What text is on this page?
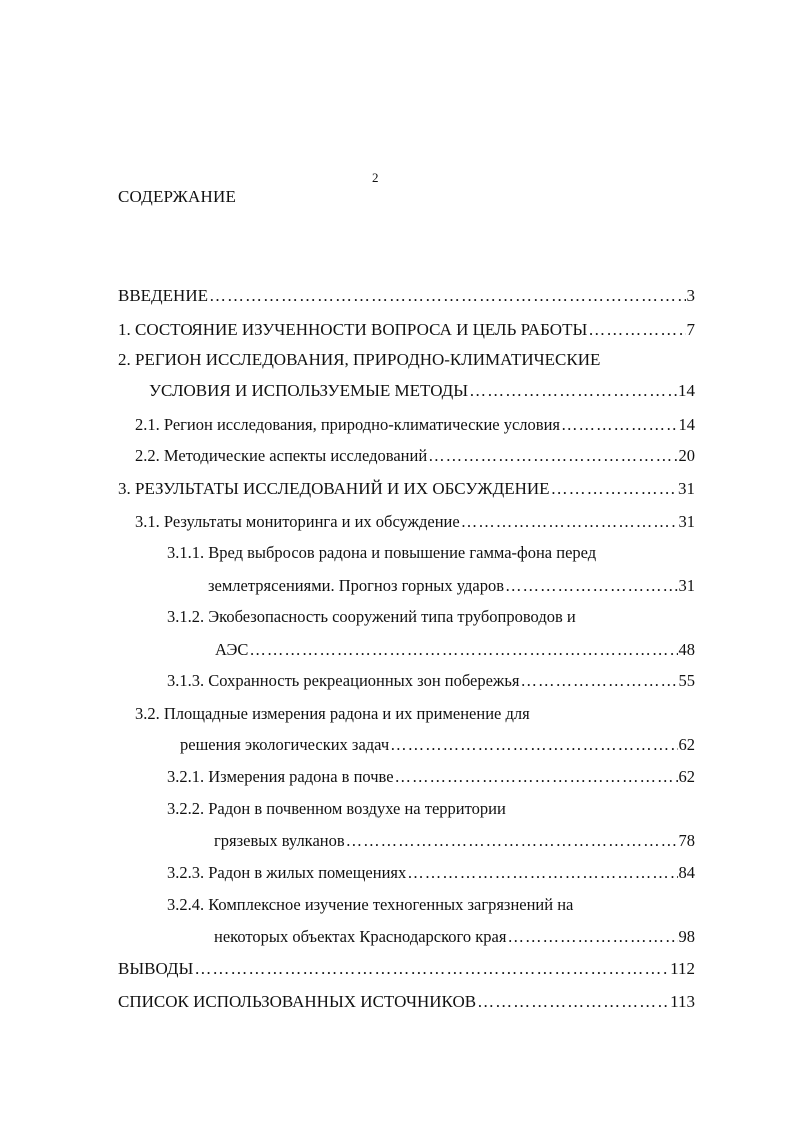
2
СОДЕРЖАНИЕ
ВВЕДЕНИЕ ……………………………………………………………………………………………………………………………………………………	3
1. СОСТОЯНИЕ ИЗУЧЕННОСТИ ВОПРОСА И ЦЕЛЬ РАБОТЫ ……………………………………………………………………………………………………………………………………………………	7
2. РЕГИОН ИССЛЕДОВАНИЯ, ПРИРОДНО-КЛИМАТИЧЕСКИЕ
УСЛОВИЯ И ИСПОЛЬЗУЕМЫЕ МЕТОДЫ ……………………………………………………………………………………………………………………………………………………	14
2.1. Регион исследования, природно-климатические условия ……………………………………………………………………………………………………………………………………………………	14
2.2. Методические аспекты исследований ……………………………………………………………………………………………………………………………………………………	20
3. РЕЗУЛЬТАТЫ ИССЛЕДОВАНИЙ И ИХ ОБСУЖДЕНИЕ ……………………………………………………………………………………………………………………………………………………	31
3.1. Результаты мониторинга и их обсуждение ……………………………………………………………………………………………………………………………………………………	31
3.1.1. Вред выбросов радона и повышение гамма-фона перед
землетрясениями. Прогноз горных ударов ……………………………………………………………………………………………………………………………………………………	31
3.1.2. Экобезопасность сооружений типа трубопроводов и
АЭС ……………………………………………………………………………………………………………………………………………………	48
3.1.3. Сохранность рекреационных зон побережья ……………………………………………………………………………………………………………………………………………………	55
3.2. Площадные измерения радона и их применение для
решения экологических задач ……………………………………………………………………………………………………………………………………………………	62
3.2.1. Измерения радона в почве ……………………………………………………………………………………………………………………………………………………	62
3.2.2. Радон в почвенном воздухе на территории
грязевых вулканов ……………………………………………………………………………………………………………………………………………………	78
3.2.3. Радон в жилых помещениях ……………………………………………………………………………………………………………………………………………………	84
3.2.4. Комплексное изучение техногенных загрязнений на
некоторых объектах Краснодарского края ……………………………………………………………………………………………………………………………………………………	98
ВЫВОДЫ ……………………………………………………………………………………………………………………………………………………	112
СПИСОК ИСПОЛЬЗОВАННЫХ ИСТОЧНИКОВ ……………………………………………………………………………………………………………………………………………………	113
